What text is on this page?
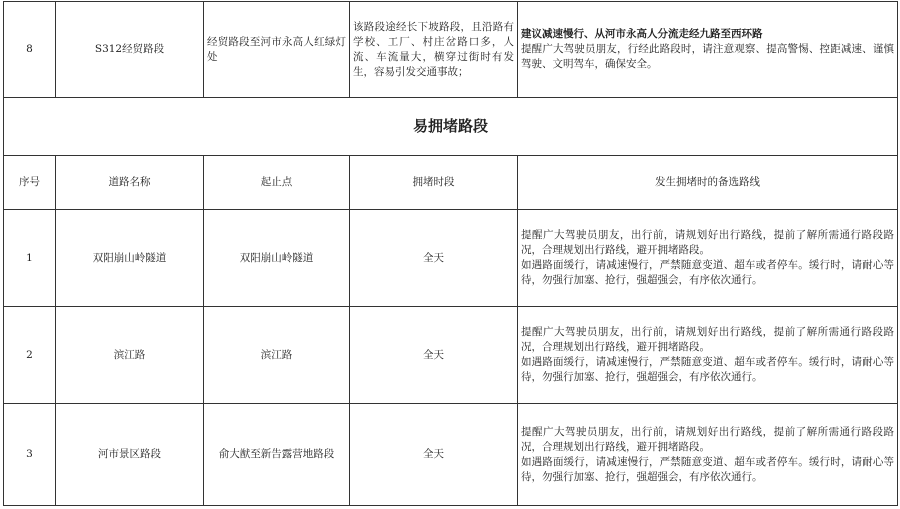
8	S312经贸路段	经贸路段至河市永高人红绿灯处	该路段途经长下坡路段，且沿路有学校、工厂、村庄岔路口多，人流、车流量大，横穿过街时有发生，容易引发交通事故；	建议减速慢行、从河市永高人分流走经九路至西环路

提醒广大驾驶员朋友，行经此路段时，请注意观察、提高警惕、控距减速、谨慎驾驶、文明驾车，确保安全。

易拥堵路段				
序号	道路名称	起止点	拥堵时段	发生拥堵时的备选路线
1	双阳崩山岭隧道	双阳崩山岭隧道	全天	提醒广大驾驶员朋友，出行前，请规划好出行路线，提前了解所需通行路段路况，合理规划出行路线，避开拥堵路段。

如遇路面缓行，请减速慢行，严禁随意变道、超车或者停车。缓行时，请耐心等待，勿强行加塞、抢行，强超强会，有序依次通行。

2	滨江路	滨江路	全天	提醒广大驾驶员朋友，出行前，请规划好出行路线，提前了解所需通行路段路况，合理规划出行路线，避开拥堵路段。

如遇路面缓行，请减速慢行，严禁随意变道、超车或者停车。缓行时，请耐心等待，勿强行加塞、抢行，强超强会，有序依次通行。

3	河市景区路段	俞大猷至新告露营地路段	全天	提醒广大驾驶员朋友，出行前，请规划好出行路线，提前了解所需通行路段路况，合理规划出行路线，避开拥堵路段。

如遇路面缓行，请减速慢行，严禁随意变道、超车或者停车。缓行时，请耐心等待，勿强行加塞、抢行，强超强会，有序依次通行。
